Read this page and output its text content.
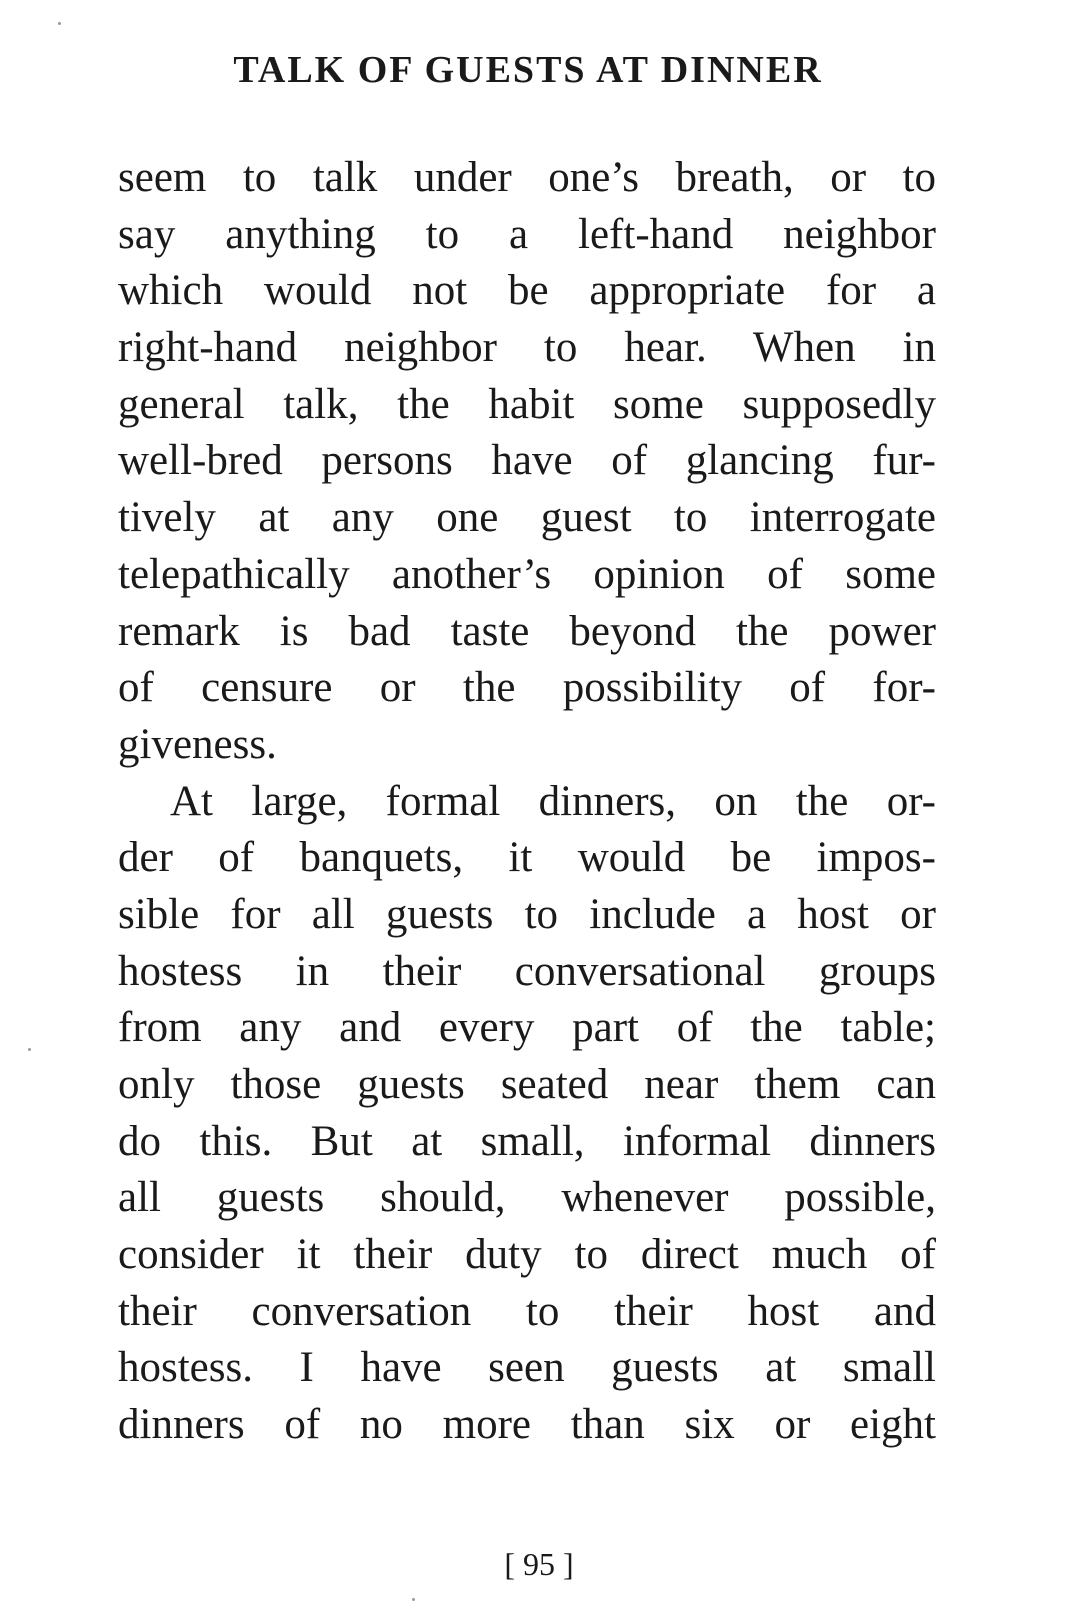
TALK OF GUESTS AT DINNER
seem to talk under one’s breath, or to
say anything to a left-hand neighbor
which would not be appropriate for a
right-hand neighbor to hear. When in
general talk, the habit some supposedly
well-bred persons have of glancing fur-
tively at any one guest to interrogate
telepathically another’s opinion of some
remark is bad taste beyond the power
of censure or the possibility of for-
giveness.
At large, formal dinners, on the or-
der of banquets, it would be impos-
sible for all guests to include a host or
hostess in their conversational groups
from any and every part of the table;
only those guests seated near them can
do this. But at small, informal dinners
all guests should, whenever possible,
consider it their duty to direct much of
their conversation to their host and
hostess. I have seen guests at small
dinners of no more than six or eight
[ 95 ]
